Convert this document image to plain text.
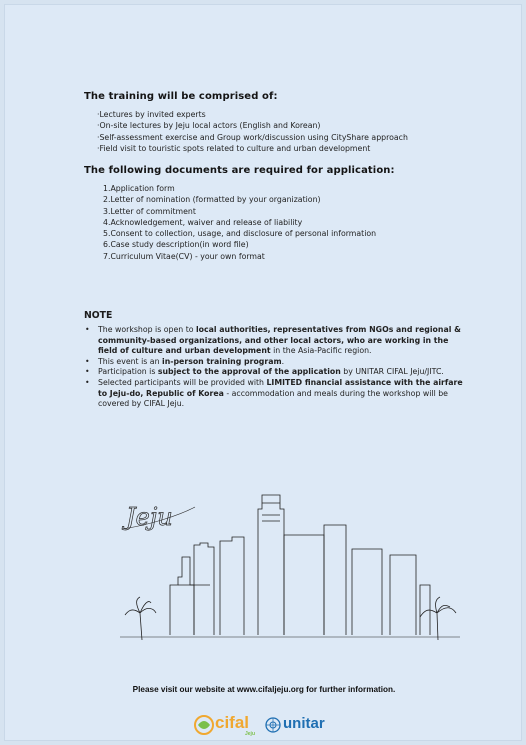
The training will be comprised of:
·Lectures by invited experts
·On-site lectures by Jeju local actors (English and Korean)
·Self-assessment exercise and Group work/discussion using CityShare approach
·Field visit to touristic spots related to culture and urban development
The following documents are required for application:
1.Application form
2.Letter of nomination (formatted by your organization)
3.Letter of commitment
4.Acknowledgement, waiver and release of liability
5.Consent to collection, usage, and disclosure of personal information
6.Case study description(in word file)
7.Curriculum Vitae(CV) - your own format
NOTE
• The workshop is open to local authorities, representatives from NGOs and regional & community-based organizations, and other local actors, who are working in the field of culture and urban development in the Asia-Pacific region.
• This event is an in-person training program.
• Participation is subject to the approval of the application by UNITAR CIFAL Jeju/JITC.
• Selected participants will be provided with LIMITED financial assistance with the airfare to Jeju-do, Republic of Korea - accommodation and meals during the workshop will be covered by CIFAL Jeju.
Jeju
Please visit our website at www.cifaljeju.org for further information.
cifal
Jeju
unitar
